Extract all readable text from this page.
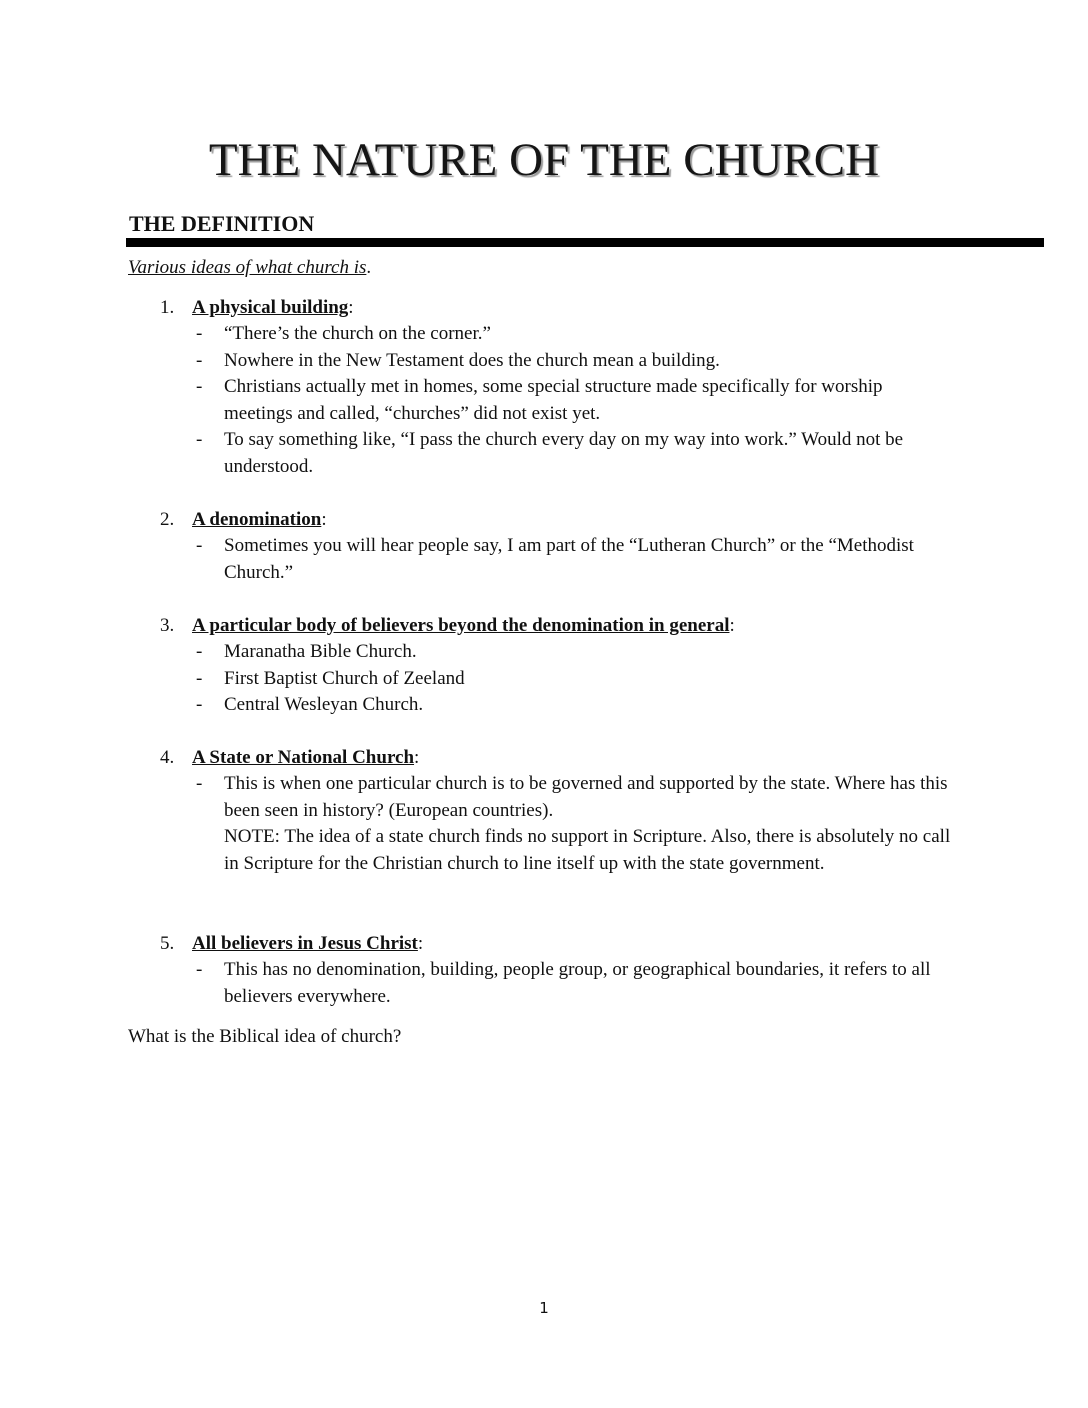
THE NATURE OF THE CHURCH
THE DEFINITION
Various ideas of what church is.
1. A physical building:
- “There’s the church on the corner.”
- Nowhere in the New Testament does the church mean a building.
- Christians actually met in homes, some special structure made specifically for worship meetings and called, “churches” did not exist yet.
- To say something like, “I pass the church every day on my way into work.” Would not be understood.
2. A denomination:
- Sometimes you will hear people say, I am part of the “Lutheran Church” or the “Methodist Church.”
3. A particular body of believers beyond the denomination in general:
- Maranatha Bible Church.
- First Baptist Church of Zeeland
- Central Wesleyan Church.
4. A State or National Church:
- This is when one particular church is to be governed and supported by the state. Where has this been seen in history? (European countries).
NOTE: The idea of a state church finds no support in Scripture. Also, there is absolutely no call in Scripture for the Christian church to line itself up with the state government.
5. All believers in Jesus Christ:
- This has no denomination, building, people group, or geographical boundaries, it refers to all believers everywhere.
What is the Biblical idea of church?
1
